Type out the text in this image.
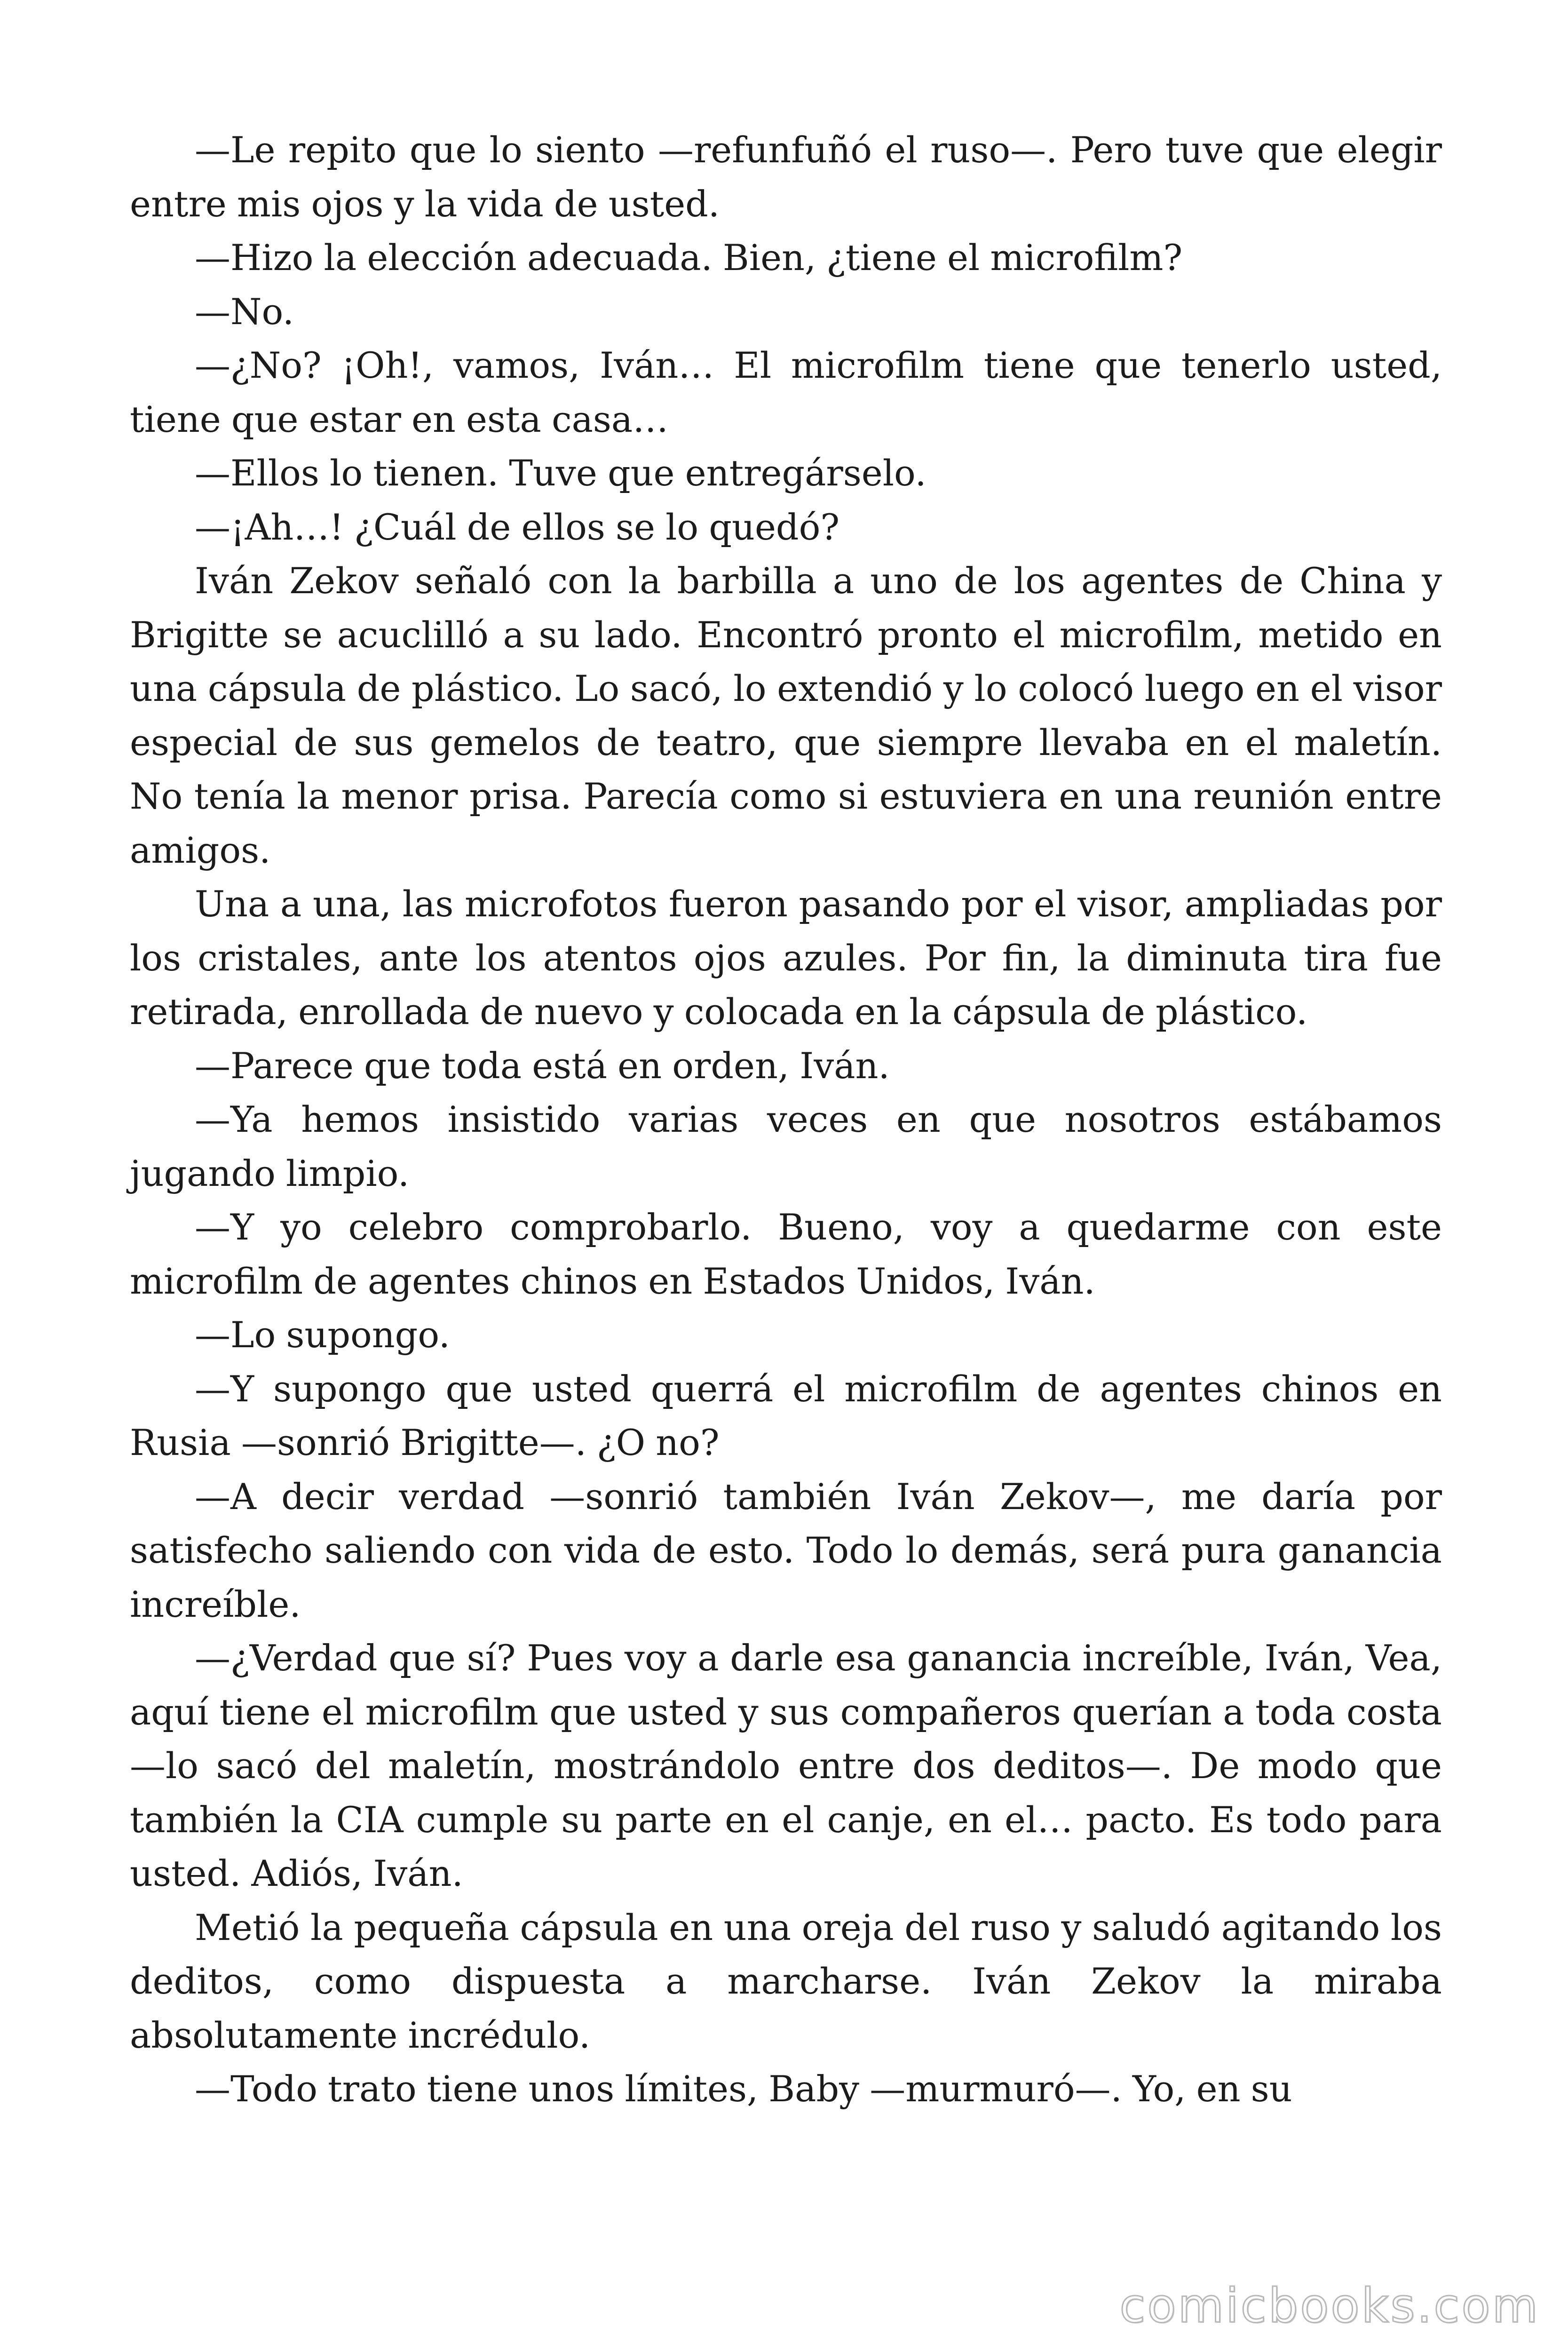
—Le repito que lo siento —refunfuñó el ruso—. Pero tuve que elegir entre mis ojos y la vida de usted.

—Hizo la elección adecuada. Bien, ¿tiene el microfilm?

—No.

—¿No? ¡Oh!, vamos, Iván… El microfilm tiene que tenerlo usted, tiene que estar en esta casa…

—Ellos lo tienen. Tuve que entregárselo.

—¡Ah…! ¿Cuál de ellos se lo quedó?

Iván Zekov señaló con la barbilla a uno de los agentes de China y Brigitte se acuclilló a su lado. Encontró pronto el microfilm, metido en una cápsula de plástico. Lo sacó, lo extendió y lo colocó luego en el visor especial de sus gemelos de teatro, que siempre llevaba en el maletín. No tenía la menor prisa. Parecía como si estuviera en una reunión entre amigos.

Una a una, las microfotos fueron pasando por el visor, ampliadas por los cristales, ante los atentos ojos azules. Por fin, la diminuta tira fue retirada, enrollada de nuevo y colocada en la cápsula de plástico.

—Parece que toda está en orden, Iván.

—Ya hemos insistido varias veces en que nosotros estábamos jugando limpio.

—Y yo celebro comprobarlo. Bueno, voy a quedarme con este microfilm de agentes chinos en Estados Unidos, Iván.

—Lo supongo.

—Y supongo que usted querrá el microfilm de agentes chinos en Rusia —sonrió Brigitte—. ¿O no?

—A decir verdad —sonrió también Iván Zekov—, me daría por satisfecho saliendo con vida de esto. Todo lo demás, será pura ganancia increíble.

—¿Verdad que sí? Pues voy a darle esa ganancia increíble, Iván, Vea, aquí tiene el microfilm que usted y sus compañeros querían a toda costa —lo sacó del maletín, mostrándolo entre dos deditos—. De modo que también la CIA cumple su parte en el canje, en el… pacto. Es todo para usted. Adiós, Iván.

Metió la pequeña cápsula en una oreja del ruso y saludó agitando los deditos, como dispuesta a marcharse. Iván Zekov la miraba absolutamente incrédulo.

—Todo trato tiene unos límites, Baby —murmuró—. Yo, en su

comicbooks.com
